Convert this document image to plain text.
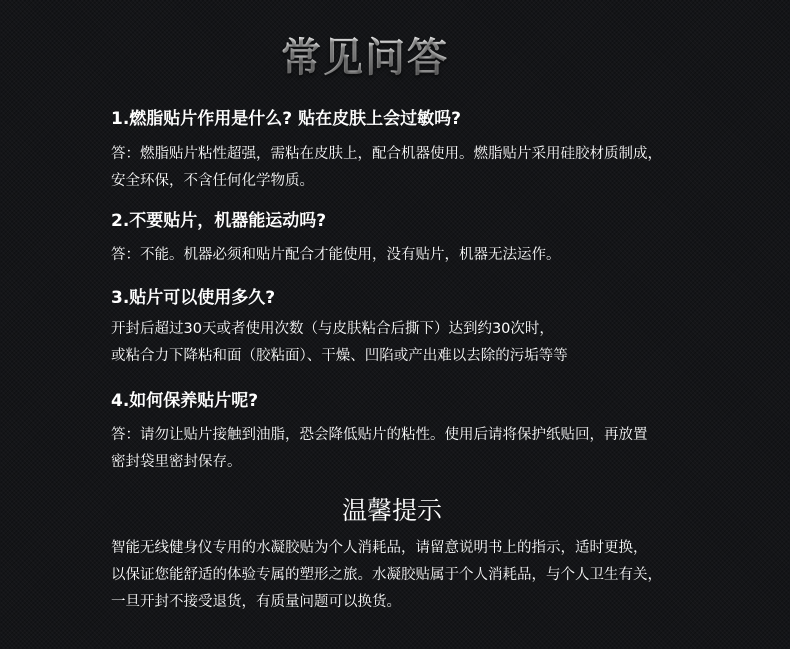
常见问答
1.燃脂贴片作用是什么? 贴在皮肤上会过敏吗?
答：燃脂贴片粘性超强，需粘在皮肤上，配合机器使用。燃脂贴片采用硅胶材质制成，
安全环保，不含任何化学物质。
2.不要贴片，机器能运动吗?
答：不能。机器必须和贴片配合才能使用，没有贴片，机器无法运作。
3.贴片可以使用多久?
开封后超过30天或者使用次数（与皮肤粘合后撕下）达到约30次时，
或粘合力下降粘和面（胶粘面）、干燥、凹陷或产出难以去除的污垢等等
4.如何保养贴片呢?
答：请勿让贴片接触到油脂，恐会降低贴片的粘性。使用后请将保护纸贴回，再放置
密封袋里密封保存。
温馨提示
智能无线健身仪专用的水凝胶贴为个人消耗品，请留意说明书上的指示，适时更换，
以保证您能舒适的体验专属的塑形之旅。水凝胶贴属于个人消耗品，与个人卫生有关，
一旦开封不接受退货，有质量问题可以换货。
